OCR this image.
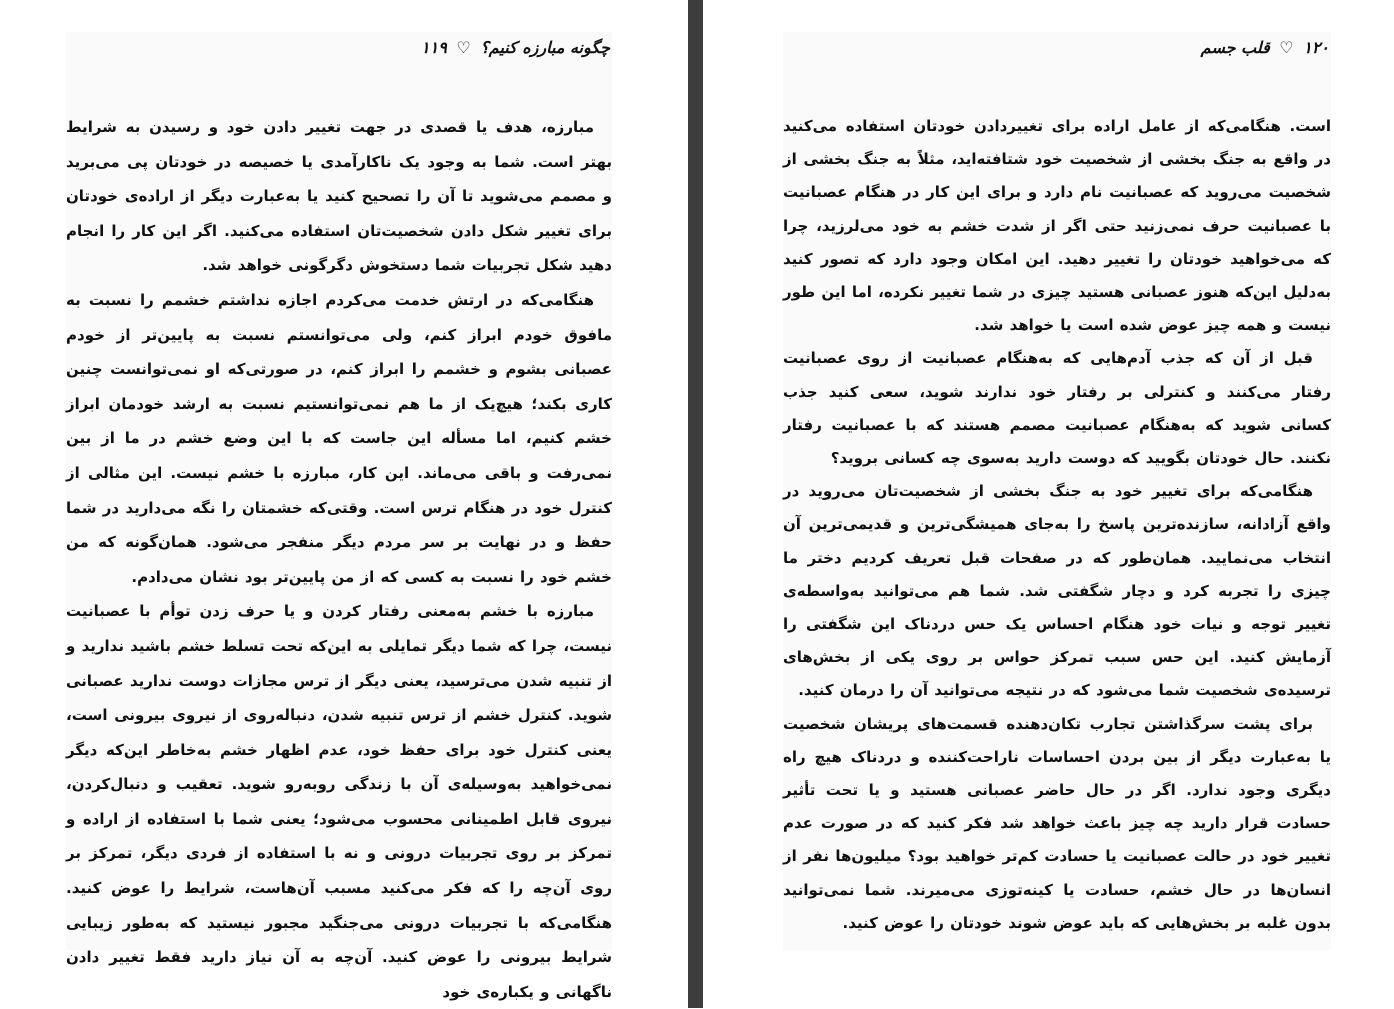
چگونه مبارزه کنیم؟ ♡ ۱۱۹

مبارزه، هدف یا قصدی در جهت تغییر دادن خود و رسیدن به شرایط بهتر است. شما به وجود یک ناکارآمدی یا خصیصه در خودتان پی می‌برید و مصمم می‌شوید تا آن را تصحیح کنید یا به‌عبارت دیگر از اراده‌ی خودتان برای تغییر شکل دادن شخصیت‌تان استفاده می‌کنید. اگر این کار را انجام دهید شکل تجربیات شما دستخوش دگرگونی خواهد شد.

هنگامی‌که در ارتش خدمت می‌کردم اجازه نداشتم خشمم را نسبت به مافوق خودم ابراز کنم، ولی می‌توانستم نسبت به پایین‌تر از خودم عصبانی بشوم و خشمم را ابراز کنم، در صورتی‌که او نمی‌توانست چنین کاری بکند؛ هیچ‌یک از ما هم نمی‌توانستیم نسبت به ارشد خودمان ابراز خشم کنیم، اما مسأله این جاست که با این وضع خشم در ما از بین نمی‌رفت و باقی می‌ماند. این کار، مبارزه با خشم نیست. این مثالی از کنترل خود در هنگام ترس است. وقتی‌که خشمتان را نگه می‌دارید در شما حفظ و در نهایت بر سر مردم دیگر منفجر می‌شود. همان‌گونه که من خشم خود را نسبت به کسی که از من پایین‌تر بود نشان می‌دادم.

مبارزه با خشم به‌معنی رفتار کردن و یا حرف زدن توأم با عصبانیت نیست، چرا که شما دیگر تمایلی به این‌که تحت تسلط خشم باشید ندارید و از تنبیه شدن می‌ترسید، یعنی دیگر از ترس مجازات دوست ندارید عصبانی شوید. کنترل خشم از ترس تنبیه شدن، دنباله‌روی از نیروی بیرونی است، یعنی کنترل خود برای حفظ خود، عدم اظهار خشم به‌خاطر این‌که دیگر نمی‌خواهید به‌وسیله‌ی آن با زندگی روبه‌رو شوید. تعقیب و دنبال‌کردن، نیروی قابل اطمینانی محسوب می‌شود؛ یعنی شما با استفاده از اراده و تمرکز بر روی تجربیات درونی و نه با استفاده از فردی دیگر، تمرکز بر روی آن‌چه را که فکر می‌کنید مسبب آن‌هاست، شرایط را عوض کنید. هنگامی‌که با تجربیات درونی می‌جنگید مجبور نیستید که به‌طور زیبایی شرایط بیرونی را عوض کنید. آن‌چه به آن نیاز دارید فقط تغییر دادن ناگهانی و یکباره‌ی خود

۱۲۰ ♡ قلب جسم

است. هنگامی‌که از عامل اراده برای تغییردادن خودتان استفاده می‌کنید در واقع به جنگ بخشی از شخصیت خود شتافته‌اید، مثلاً به جنگ بخشی از شخصیت می‌روید که عصبانیت نام دارد و برای این کار در هنگام عصبانیت با عصبانیت حرف نمی‌زنید حتی اگر از شدت خشم به خود می‌لرزید، چرا که می‌خواهید خودتان را تغییر دهید. این امکان وجود دارد که تصور کنید به‌دلیل این‌که هنوز عصبانی هستید چیزی در شما تغییر نکرده، اما این طور نیست و همه چیز عوض شده است یا خواهد شد.

قبل از آن که جذب آدم‌هایی که به‌هنگام عصبانیت از روی عصبانیت رفتار می‌کنند و کنترلی بر رفتار خود ندارند شوید، سعی کنید جذب کسانی شوید که به‌هنگام عصبانیت مصمم هستند که با عصبانیت رفتار نکنند. حال خودتان بگویید که دوست دارید به‌سوی چه کسانی بروید؟

هنگامی‌که برای تغییر خود به جنگ بخشی از شخصیت‌تان می‌روید در واقع آزادانه، سازنده‌ترین پاسخ را به‌جای همیشگی‌ترین و قدیمی‌ترین آن انتخاب می‌نمایید. همان‌طور که در صفحات قبل تعریف کردیم دختر ما چیزی را تجربه کرد و دچار شگفتی شد. شما هم می‌توانید به‌واسطه‌ی تغییر توجه و نیات خود هنگام احساس یک حس دردناک این شگفتی را آزمایش کنید. این حس سبب تمرکز حواس بر روی یکی از بخش‌های ترسیده‌ی شخصیت شما می‌شود که در نتیجه می‌توانید آن را درمان کنید.

برای پشت سرگذاشتن تجارب تکان‌دهنده قسمت‌های پریشان شخصیت یا به‌عبارت دیگر از بین بردن احساسات ناراحت‌کننده و دردناک هیچ راه دیگری وجود ندارد. اگر در حال حاضر عصبانی هستید و یا تحت تأثیر حسادت قرار دارید چه چیز باعث خواهد شد فکر کنید که در صورت عدم تغییر خود در حالت عصبانیت یا حسادت کم‌تر خواهید بود؟ میلیون‌ها نفر از انسان‌ها در حال خشم، حسادت یا کینه‌توزی می‌میرند. شما نمی‌توانید بدون غلبه بر بخش‌هایی که باید عوض شوند خودتان را عوض کنید.
